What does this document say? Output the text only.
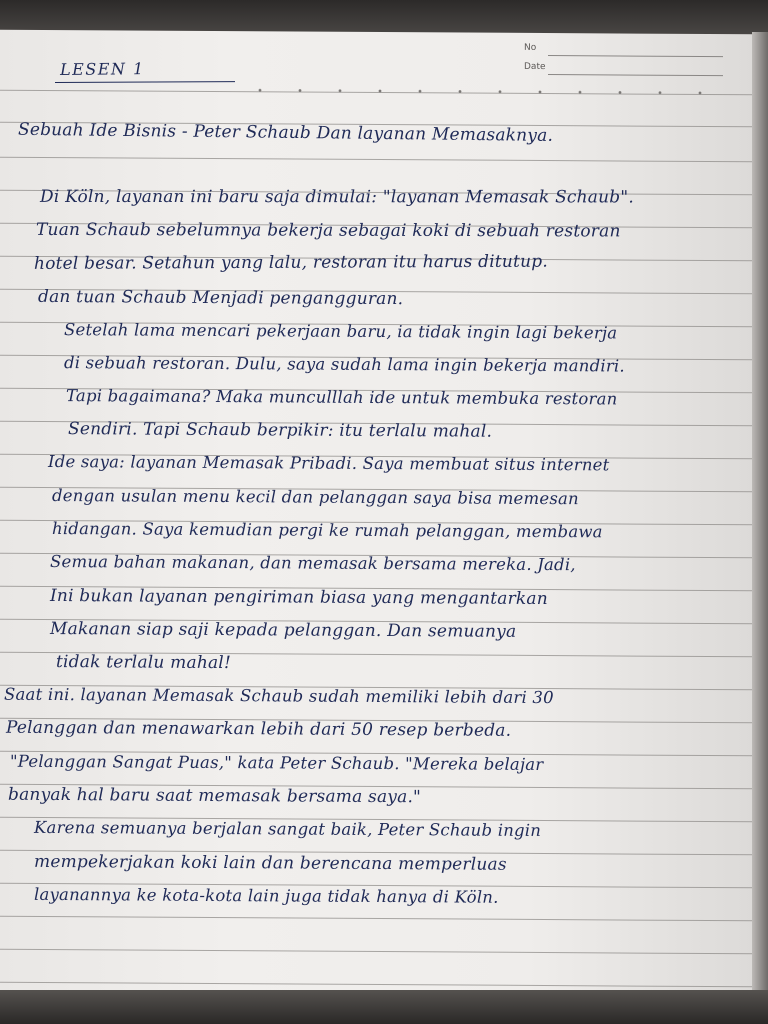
No
Date
LESEN 1
Sebuah Ide Bisnis - Peter Schaub Dan layanan Memasaknya.
Di Köln, layanan ini baru saja dimulai: "layanan Memasak Schaub".
Tuan Schaub sebelumnya bekerja sebagai koki di sebuah restoran
hotel besar. Setahun yang lalu, restoran itu harus ditutup.
dan tuan Schaub Menjadi pengangguran.
Setelah lama mencari pekerjaan baru, ia tidak ingin lagi bekerja
di sebuah restoran. Dulu, saya sudah lama ingin bekerja mandiri.
Tapi bagaimana? Maka munculllah ide untuk membuka restoran
Sendiri. Tapi Schaub berpikir: itu terlalu mahal.
Ide saya: layanan Memasak Pribadi. Saya membuat situs internet
dengan usulan menu kecil dan pelanggan saya bisa memesan
hidangan. Saya kemudian pergi ke rumah pelanggan, membawa
Semua bahan makanan, dan memasak bersama mereka. Jadi,
Ini bukan layanan pengiriman biasa yang mengantarkan
Makanan siap saji kepada pelanggan. Dan semuanya
tidak terlalu mahal!
Saat ini. layanan Memasak Schaub sudah memiliki lebih dari 30
Pelanggan dan menawarkan lebih dari 50 resep berbeda.
"Pelanggan Sangat Puas," kata Peter Schaub. "Mereka belajar
banyak hal baru saat memasak bersama saya."
Karena semuanya berjalan sangat baik, Peter Schaub ingin
mempekerjakan koki lain dan berencana memperluas
layanannya ke kota-kota lain juga tidak hanya di Köln.
